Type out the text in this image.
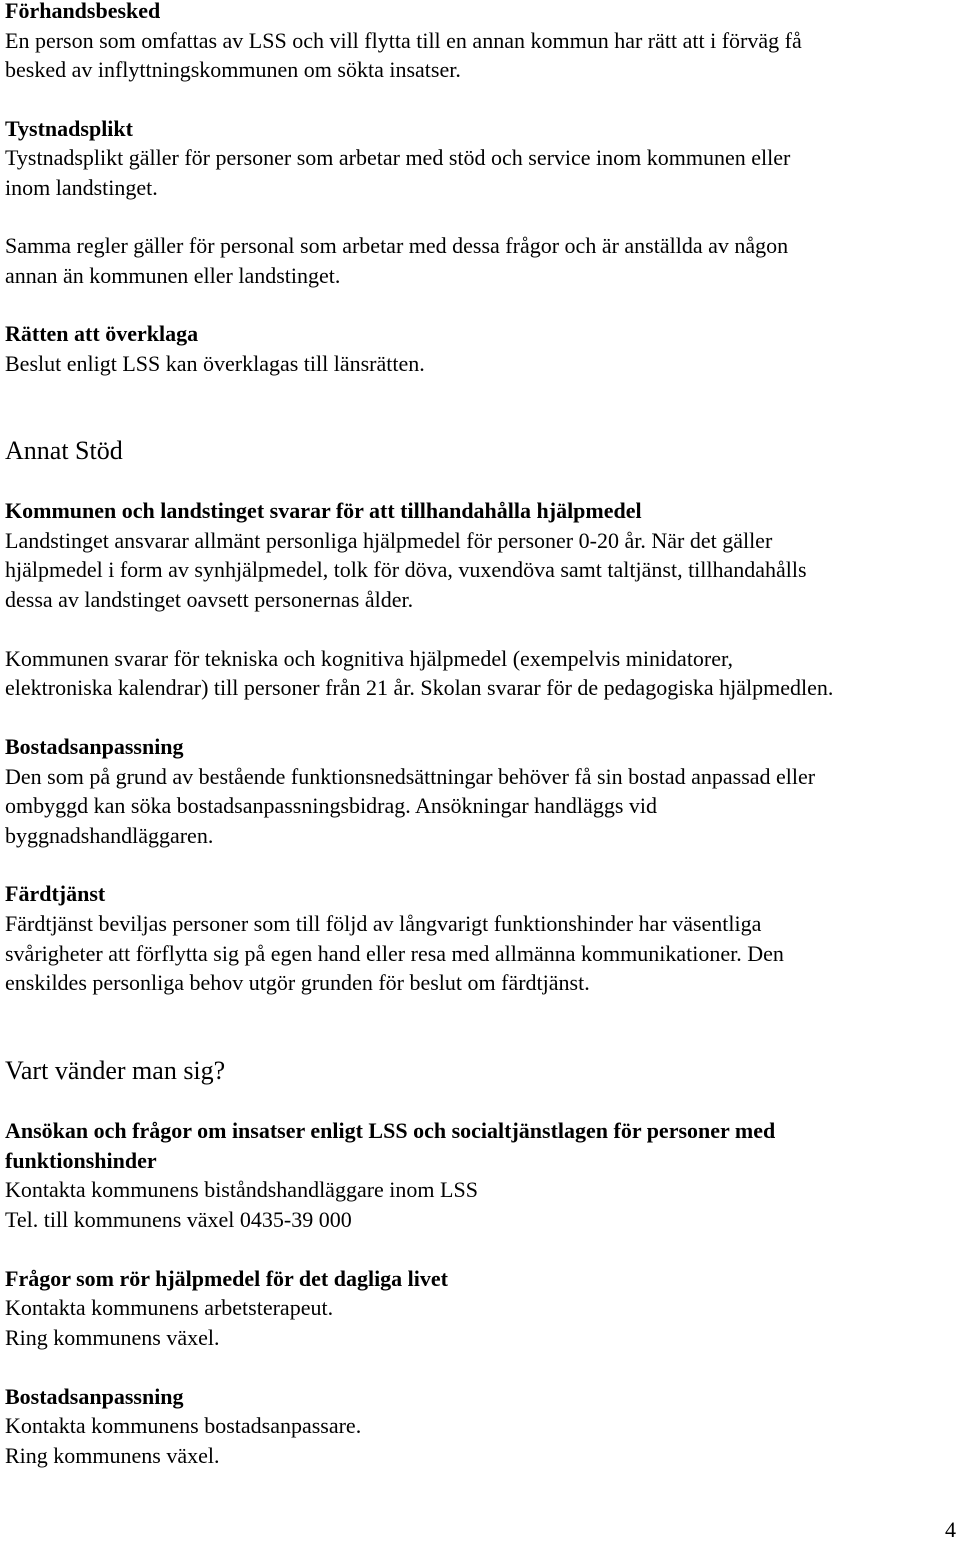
Förhandsbesked
En person som omfattas av LSS och vill flytta till en annan kommun har rätt att i förväg få
besked av inflyttningskommunen om sökta insatser.
Tystnadsplikt
Tystnadsplikt gäller för personer som arbetar med stöd och service inom kommunen eller
inom landstinget.
Samma regler gäller för personal som arbetar med dessa frågor och är anställda av någon
annan än kommunen eller landstinget.
Rätten att överklaga
Beslut enligt LSS kan överklagas till länsrätten.
Annat Stöd
Kommunen och landstinget svarar för att tillhandahålla hjälpmedel
Landstinget ansvarar allmänt personliga hjälpmedel för personer 0-20 år. När det gäller
hjälpmedel i form av synhjälpmedel, tolk för döva, vuxendöva samt taltjänst, tillhandahålls
dessa av landstinget oavsett personernas ålder.
Kommunen svarar för tekniska och kognitiva hjälpmedel (exempelvis minidatorer,
elektroniska kalendrar) till personer från 21 år. Skolan svarar för de pedagogiska hjälpmedlen.
Bostadsanpassning
Den som på grund av bestående funktionsnedsättningar behöver få sin bostad anpassad eller
ombyggd kan söka bostadsanpassningsbidrag. Ansökningar handläggs vid
byggnadshandläggaren.
Färdtjänst
Färdtjänst beviljas personer som till följd av långvarigt funktionshinder har väsentliga
svårigheter att förflytta sig på egen hand eller resa med allmänna kommunikationer. Den
enskildes personliga behov utgör grunden för beslut om färdtjänst.
Vart vänder man sig?
Ansökan och frågor om insatser enligt LSS och socialtjänstlagen för personer med
funktionshinder
Kontakta kommunens biståndshandläggare inom LSS
Tel. till kommunens växel 0435-39 000
Frågor som rör hjälpmedel för det dagliga livet
Kontakta kommunens arbetsterapeut.
Ring kommunens växel.
Bostadsanpassning
Kontakta kommunens bostadsanpassare.
Ring kommunens växel.
4
